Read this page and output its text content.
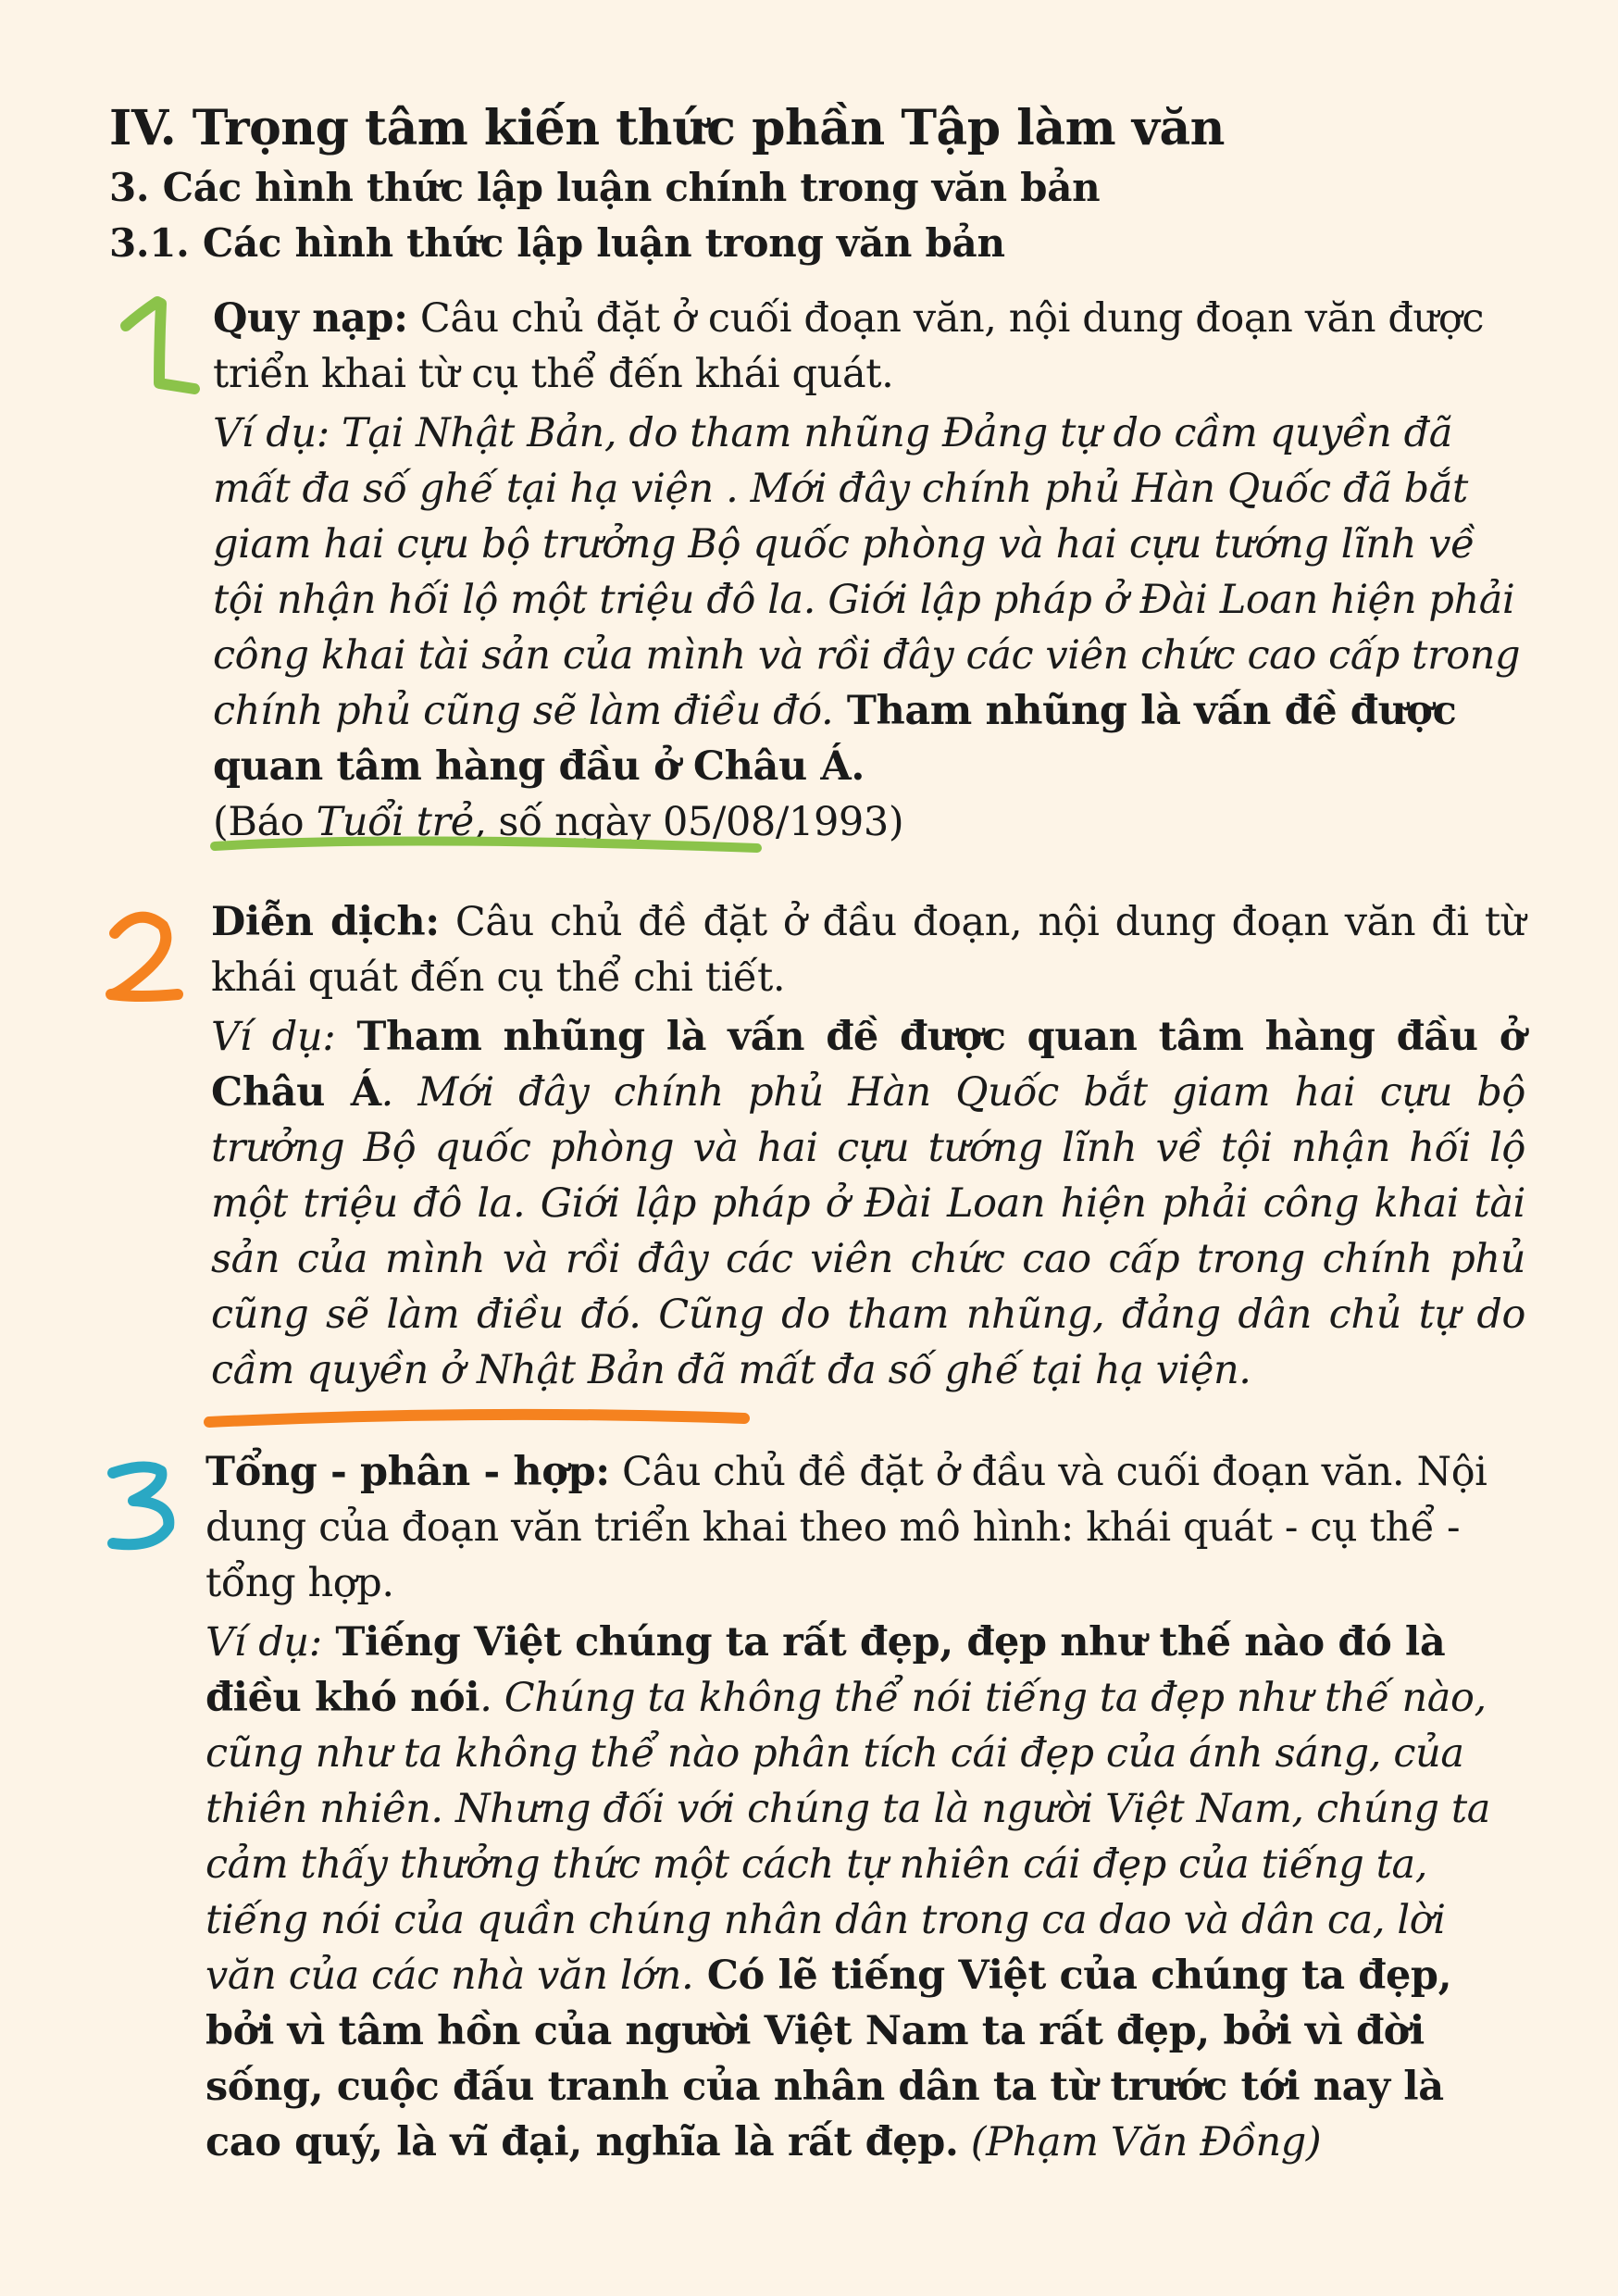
IV. Trọng tâm kiến thức phần Tập làm văn
3. Các hình thức lập luận chính trong văn bản
3.1. Các hình thức lập luận trong văn bản

Quy nạp: Câu chủ đặt ở cuối đoạn văn, nội dung đoạn văn được triển khai từ cụ thể đến khái quát.

Ví dụ: Tại Nhật Bản, do tham nhũng Đảng tự do cầm quyền đã mất đa số ghế tại hạ viện . Mới đây chính phủ Hàn Quốc đã bắt giam hai cựu bộ trưởng Bộ quốc phòng và hai cựu tướng lĩnh về tội nhận hối lộ một triệu đô la. Giới lập pháp ở Đài Loan hiện phải công khai tài sản của mình và rồi đây các viên chức cao cấp trong chính phủ cũng sẽ làm điều đó. Tham nhũng là vấn đề được quan tâm hàng đầu ở Châu Á.

(Báo Tuổi trẻ, số ngày 05/08/1993)

Diễn dịch: Câu chủ đề đặt ở đầu đoạn, nội dung đoạn văn đi từ khái quát đến cụ thể chi tiết.

Ví dụ: Tham nhũng là vấn đề được quan tâm hàng đầu ở Châu Á. Mới đây chính phủ Hàn Quốc bắt giam hai cựu bộ trưởng Bộ quốc phòng và hai cựu tướng lĩnh về tội nhận hối lộ một triệu đô la. Giới lập pháp ở Đài Loan hiện phải công khai tài sản của mình và rồi đây các viên chức cao cấp trong chính phủ cũng sẽ làm điều đó. Cũng do tham nhũng, đảng dân chủ tự do cầm quyền ở Nhật Bản đã mất đa số ghế tại hạ viện.

Tổng - phân - hợp: Câu chủ đề đặt ở đầu và cuối đoạn văn. Nội dung của đoạn văn triển khai theo mô hình: khái quát - cụ thể - tổng hợp.

Ví dụ: Tiếng Việt chúng ta rất đẹp, đẹp như thế nào đó là điều khó nói. Chúng ta không thể nói tiếng ta đẹp như thế nào, cũng như ta không thể nào phân tích cái đẹp của ánh sáng, của thiên nhiên. Nhưng đối với chúng ta là người Việt Nam, chúng ta cảm thấy thưởng thức một cách tự nhiên cái đẹp của tiếng ta, tiếng nói của quần chúng nhân dân trong ca dao và dân ca, lời văn của các nhà văn lớn. Có lẽ tiếng Việt của chúng ta đẹp, bởi vì tâm hồn của người Việt Nam ta rất đẹp, bởi vì đời sống, cuộc đấu tranh của nhân dân ta từ trước tới nay là cao quý, là vĩ đại, nghĩa là rất đẹp. (Phạm Văn Đồng)
